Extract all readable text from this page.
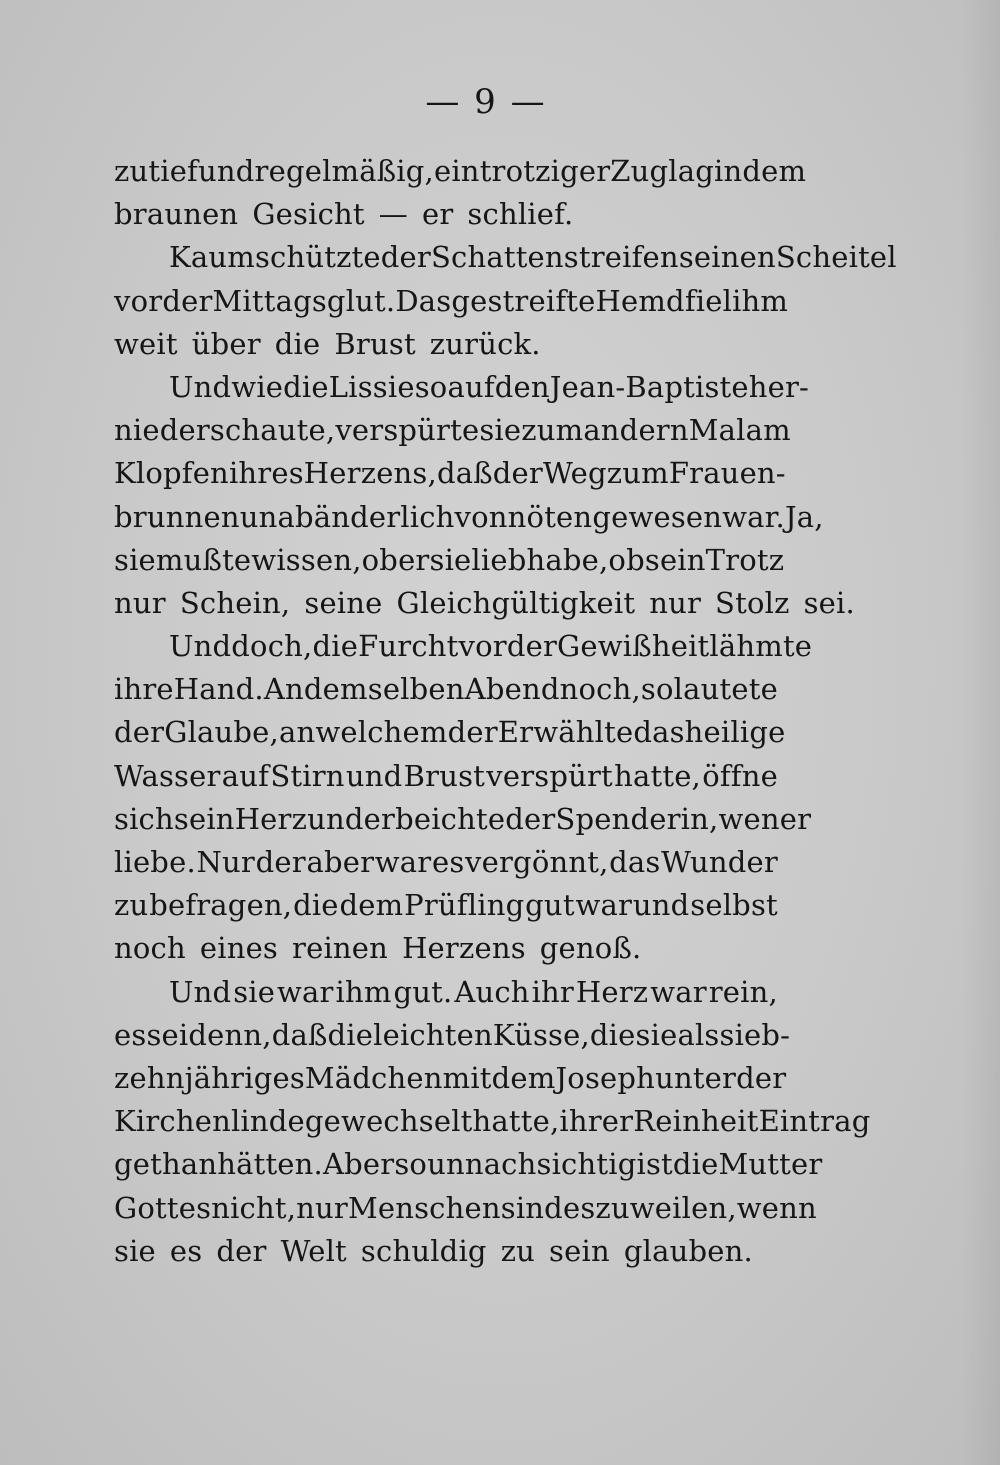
— 9 —
zu tief und regelmäßig, ein trotziger Zug lag in dem
braunen Gesicht — er schlief.
Kaum schützte der Schattenstreifen seinen Scheitel
vor der Mittagsglut. Das gestreifte Hemd fiel ihm
weit über die Brust zurück.
Und wie die Lissie so auf den Jean-Baptiste her-
niederschaute, verspürte sie zum andern Mal am
Klopfen ihres Herzens, daß der Weg zum Frauen-
brunnen unabänderlich von nöten gewesen war. Ja,
sie mußte wissen, ob er sie lieb habe, ob sein Trotz
nur Schein, seine Gleichgültigkeit nur Stolz sei.
Und doch, die Furcht vor der Gewißheit lähmte
ihre Hand. An demselben Abend noch, so lautete
der Glaube, an welchem der Erwählte das heilige
Wasser auf Stirn und Brust verspürt hatte, öffne
sich sein Herz und er beichte der Spenderin, wen er
liebe. Nur der aber war es vergönnt, das Wunder
zu befragen, die dem Prüfling gut war und selbst
noch eines reinen Herzens genoß.
Und sie war ihm gut. Auch ihr Herz war rein,
es sei denn, daß die leichten Küsse, die sie als sieb-
zehnjähriges Mädchen mit dem Joseph unter der
Kirchenlinde gewechselt hatte, ihrer Reinheit Eintrag
gethan hätten. Aber so unnachsichtig ist die Mutter
Gottes nicht, nur Menschen sind es zuweilen, wenn
sie es der Welt schuldig zu sein glauben.
